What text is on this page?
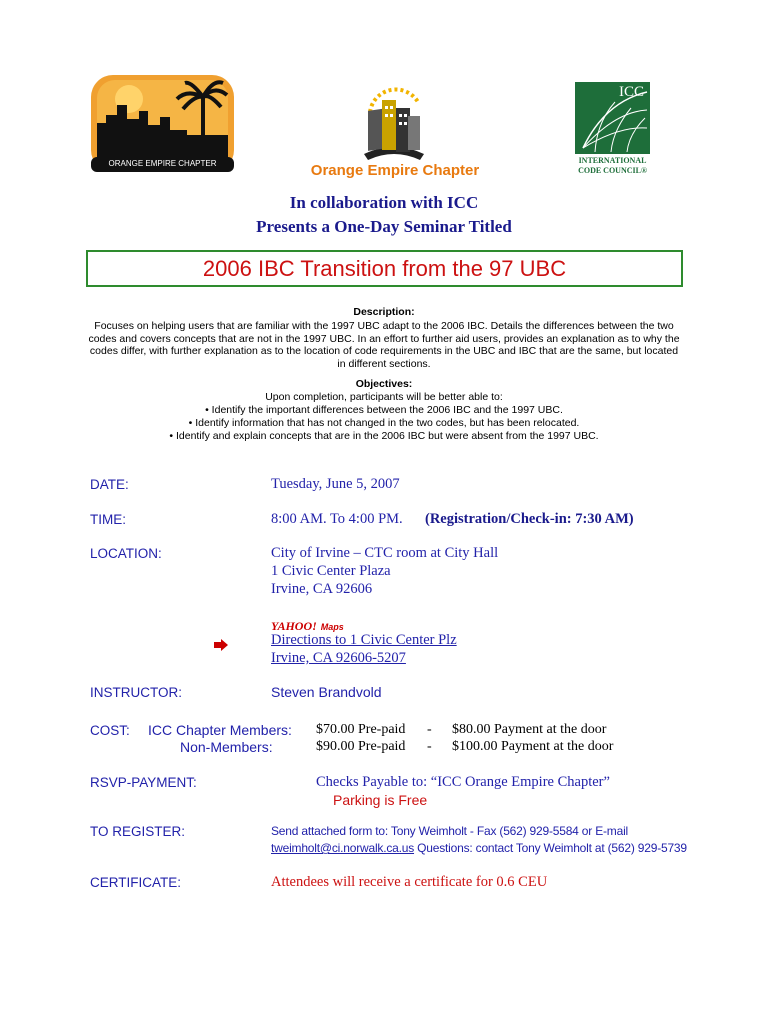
ORANGE EMPIRE CHAPTER	Orange Empire Chapter
ICC
INTERNATIONAL
CODE COUNCIL®
In collaboration with ICC
Presents a One-Day Seminar Titled
2006 IBC Transition from the 97 UBC
Description:
Focuses on helping users that are familiar with the 1997 UBC adapt to the 2006 IBC. Details the differences between the two codes and covers concepts that are not in the 1997 UBC. In an effort to further aid users, provides an explanation as to why the codes differ, with further explanation as to the location of code requirements in the UBC and IBC that are the same, but located in different sections.
Objectives:
Upon completion, participants will be better able to:
• Identify the important differences between the 2006 IBC and the 1997 UBC.
• Identify information that has not changed in the two codes, but has been relocated.
• Identify and explain concepts that are in the 2006 IBC but were absent from the 1997 UBC.
DATE:	Tuesday, June 5, 2007
TIME:	8:00 AM. To 4:00 PM. (Registration/Check-in: 7:30 AM)
LOCATION:	City of Irvine – CTC room at City Hall
1 Civic Center Plaza
Irvine, CA 92606
YAHOO! Maps
Directions to 1 Civic Center Plz
Irvine, CA 92606-5207
INSTRUCTOR:	Steven Brandvold
COST: ICC Chapter Members: $70.00 Pre-paid - $80.00 Payment at the door
Non-Members:	$90.00 Pre-paid - $100.00 Payment at the door
RSVP-PAYMENT:	Checks Payable to: “ICC Orange Empire Chapter”
Parking is Free
TO REGISTER:	Send attached form to: Tony Weimholt - Fax (562) 929-5584 or E-mail
tweimholt@ci.norwalk.ca.us Questions: contact Tony Weimholt at (562) 929-5739
CERTIFICATE:	Attendees will receive a certificate for 0.6 CEU
